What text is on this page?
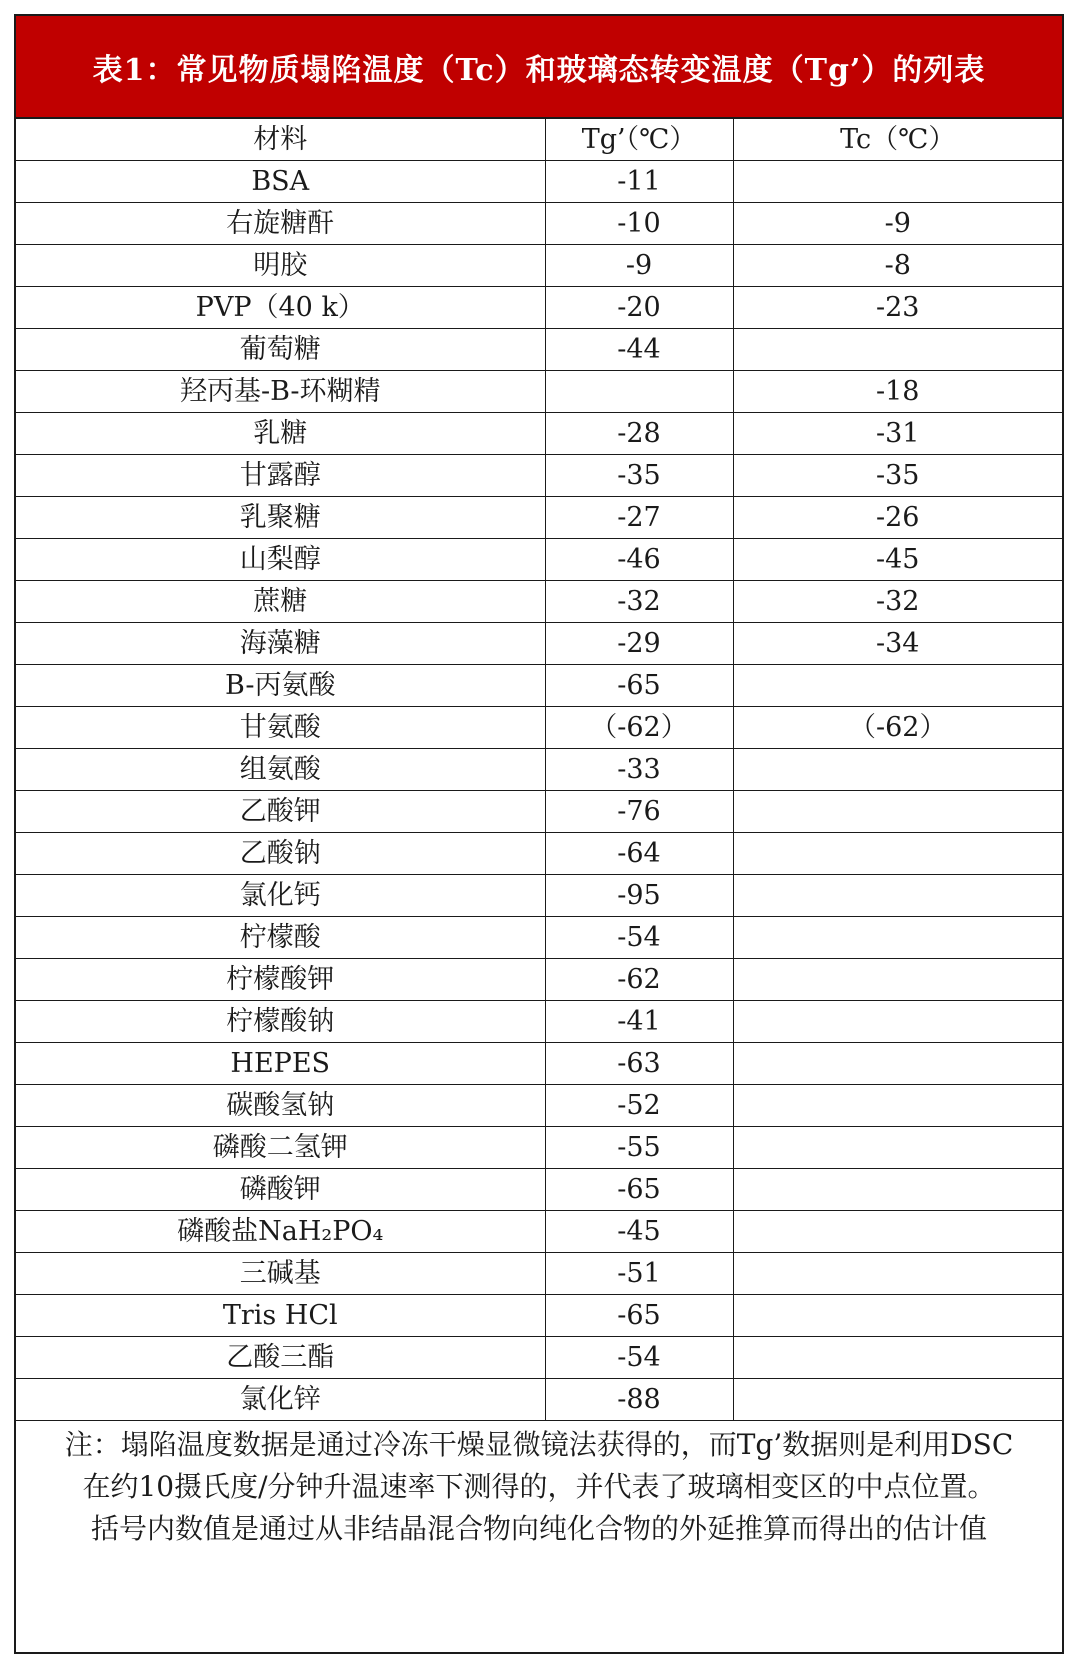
表1：常见物质塌陷温度（Tc）和玻璃态转变温度（Tg’）的列表
材料	Tg’（℃）	Tc（℃）
BSA	-11	
右旋糖酐	-10	-9
明胶	-9	-8
PVP（40 k）	-20	-23
葡萄糖	-44	
羟丙基-B-环糊精		-18
乳糖	-28	-31
甘露醇	-35	-35
乳聚糖	-27	-26
山梨醇	-46	-45
蔗糖	-32	-32
海藻糖	-29	-34
B-丙氨酸	-65	
甘氨酸	（-62）	（-62）
组氨酸	-33	
乙酸钾	-76	
乙酸钠	-64	
氯化钙	-95	
柠檬酸	-54	
柠檬酸钾	-62	
柠檬酸钠	-41	
HEPES	-63	
碳酸氢钠	-52	
磷酸二氢钾	-55	
磷酸钾	-65	
磷酸盐NaH₂PO₄	-45	
三碱基	-51	
Tris HCl	-65	
乙酸三酯	-54	
氯化锌	-88	
注：塌陷温度数据是通过冷冻干燥显微镜法获得的，而Tg’数据则是利用DSC
在约10摄氏度/分钟升温速率下测得的，并代表了玻璃相变区的中点位置。
括号内数值是通过从非结晶混合物向纯化合物的外延推算而得出的估计值
